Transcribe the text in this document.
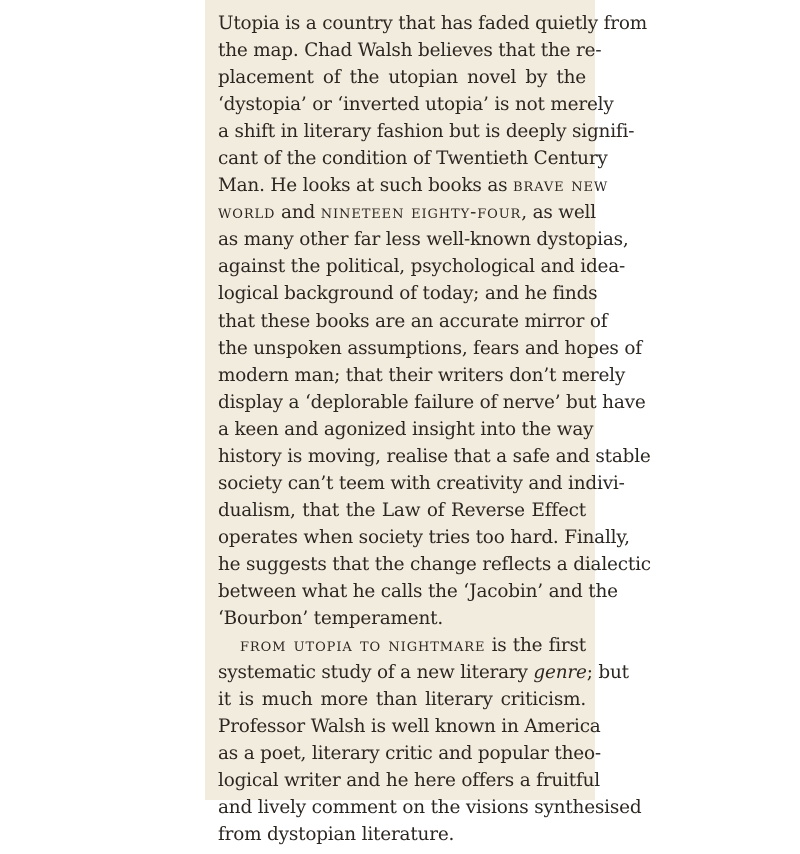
Utopia is a country that has faded quietly from
the map. Chad Walsh believes that the re-
placement of the utopian novel by the
‘dystopia’ or ‘inverted utopia’ is not merely
a shift in literary fashion but is deeply signifi-
cant of the condition of Twentieth Century
Man. He looks at such books as brave new
world and nineteen eighty-four, as well
as many other far less well-known dystopias,
against the political, psychological and idea-
logical background of today; and he finds
that these books are an accurate mirror of
the unspoken assumptions, fears and hopes of
modern man; that their writers don’t merely
display a ‘deplorable failure of nerve’ but have
a keen and agonized insight into the way
history is moving, realise that a safe and stable
society can’t teem with creativity and indivi-
dualism, that the Law of Reverse Effect
operates when society tries too hard. Finally,
he suggests that the change reflects a dialectic
between what he calls the ‘Jacobin’ and the
‘Bourbon’ temperament.
from utopia to nightmare is the first
systematic study of a new literary genre; but
it is much more than literary criticism.
Professor Walsh is well known in America
as a poet, literary critic and popular theo-
logical writer and he here offers a fruitful
and lively comment on the visions synthesised
from dystopian literature.
